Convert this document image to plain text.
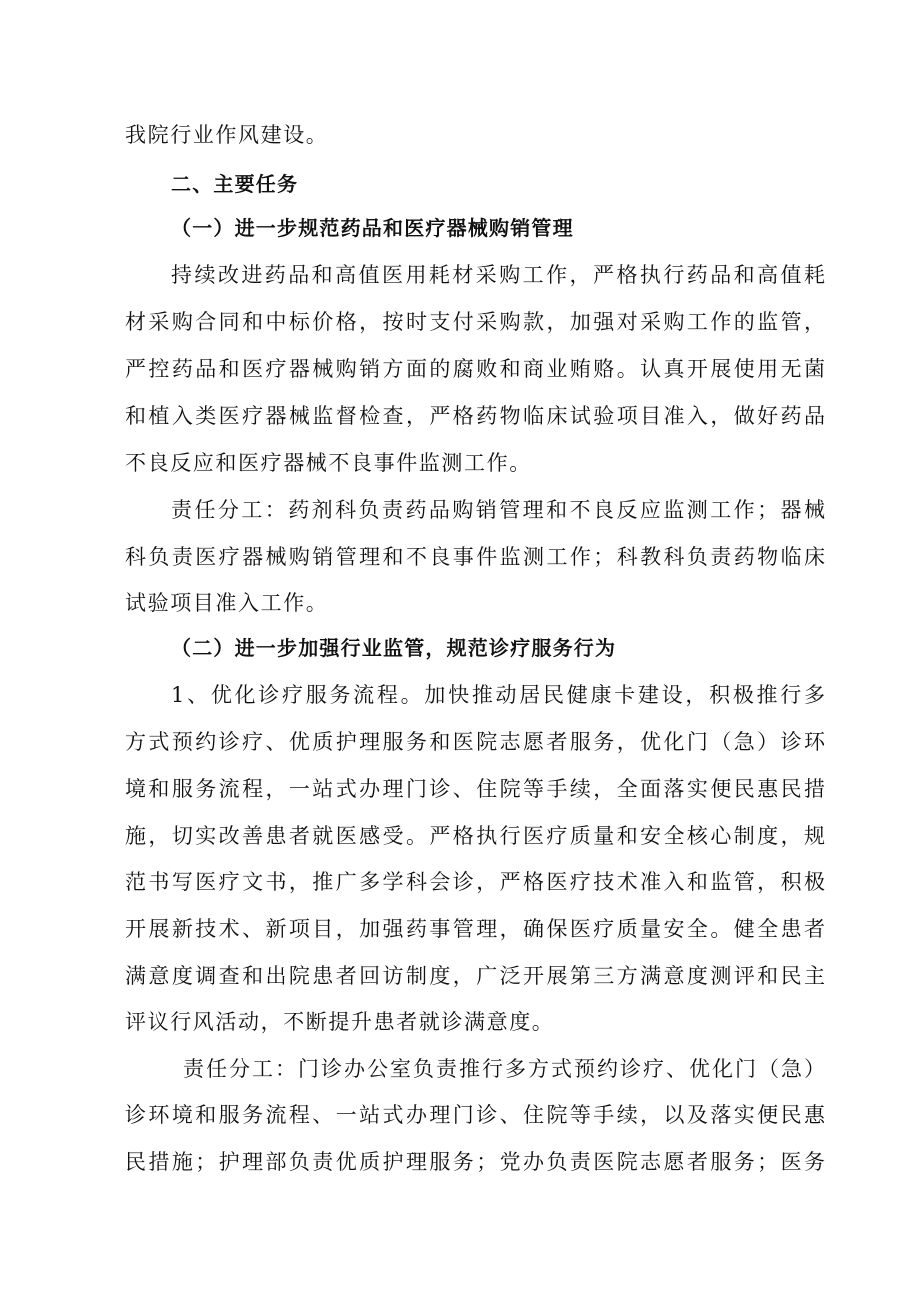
我院行业作风建设。
二、主要任务
（一）进一步规范药品和医疗器械购销管理
持续改进药品和高值医用耗材采购工作，严格执行药品和高值耗
材采购合同和中标价格，按时支付采购款，加强对采购工作的监管，
严控药品和医疗器械购销方面的腐败和商业贿赂。认真开展使用无菌
和植入类医疗器械监督检查，严格药物临床试验项目准入，做好药品
不良反应和医疗器械不良事件监测工作。
责任分工：药剂科负责药品购销管理和不良反应监测工作；器械
科负责医疗器械购销管理和不良事件监测工作；科教科负责药物临床
试验项目准入工作。
（二）进一步加强行业监管，规范诊疗服务行为
1、优化诊疗服务流程。加快推动居民健康卡建设，积极推行多
方式预约诊疗、优质护理服务和医院志愿者服务，优化门（急）诊环
境和服务流程，一站式办理门诊、住院等手续，全面落实便民惠民措
施，切实改善患者就医感受。严格执行医疗质量和安全核心制度，规
范书写医疗文书，推广多学科会诊，严格医疗技术准入和监管，积极
开展新技术、新项目，加强药事管理，确保医疗质量安全。健全患者
满意度调查和出院患者回访制度，广泛开展第三方满意度测评和民主
评议行风活动，不断提升患者就诊满意度。
责任分工：门诊办公室负责推行多方式预约诊疗、优化门（急）
诊环境和服务流程、一站式办理门诊、住院等手续，以及落实便民惠
民措施；护理部负责优质护理服务；党办负责医院志愿者服务；医务
